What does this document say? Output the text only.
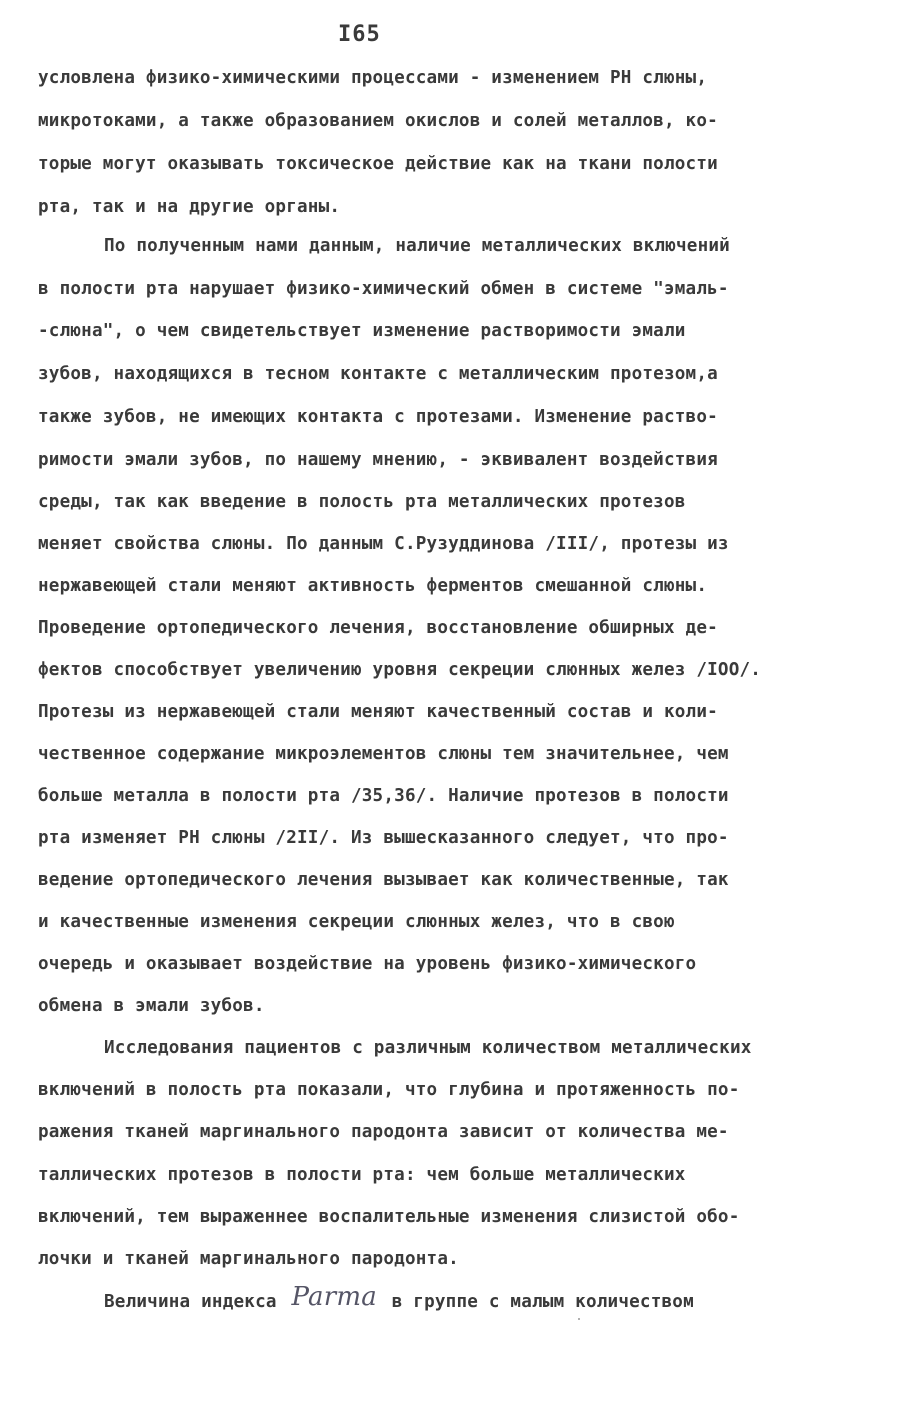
I65
условлена физико-химическими процессами - изменением РН слюны,
микротоками, а также образованием окислов и солей металлов, ко-
торые могут оказывать токсическое действие как на ткани полости
рта, так и на другие органы.
По полученным нами данным, наличие металлических включений
в полости рта нарушает физико-химический обмен в системе "эмаль-
-слюна", о чем свидетельствует изменение растворимости эмали
зубов, находящихся в тесном контакте с металлическим протезом,а
также зубов, не имеющих контакта с протезами. Изменение раство-
римости эмали зубов, по нашему мнению, - эквивалент воздействия
среды, так как введение в полость рта металлических протезов
меняет свойства слюны. По данным С.Рузуддинова /III/, протезы из
нержавеющей стали меняют активность ферментов смешанной слюны.
Проведение ортопедического лечения, восстановление обширных де-
фектов способствует увеличению уровня секреции слюнных желез /IОО/.
Протезы из нержавеющей стали меняют качественный состав и коли-
чественное содержание микроэлементов слюны тем значительнее, чем
больше металла в полости рта /35,36/. Наличие протезов в полости
рта изменяет РН слюны /2II/. Из вышесказанного следует, что про-
ведение ортопедического лечения вызывает как количественные, так
и качественные изменения секреции слюнных желез, что в свою
очередь и оказывает воздействие на уровень физико-химического
обмена в эмали зубов.
Исследования пациентов с различным количеством металлических
включений в полость рта показали, что глубина и протяженность по-
ражения тканей маргинального пародонта зависит от количества ме-
таллических протезов в полости рта: чем больше металлических
включений, тем выраженнее воспалительные изменения слизистой обо-
лочки и тканей маргинального пародонта.
Величина индекса Parma в группе с малым количеством
